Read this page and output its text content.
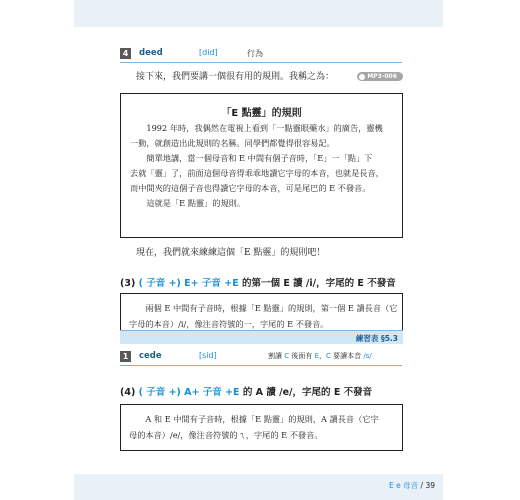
4	deed	[did]	行為
接下來，我們要講一個很有用的規則。我稱之為：	MP3-006
「E 點靈」的規則

1992 年時，我偶然在電視上看到「一點靈眼藥水」的廣告，靈機

一動，就創造出此規則的名稱。同學們都覺得很容易記。

簡單地講，當一個母音和 E 中間有個子音時，「E」一「點」下

去就「靈」了，前面這個母音得乖乖地讀它字母的本音，也就是長音，

而中間夾的這個子音也得讀它字母的本音，可是尾巴的 E 不發音。

這就是「E 點靈」的規則。

現在，我們就來練練這個「E 點靈」的規則吧！
(3) ( 子音 +) E+ 子音 +E 的第一個 E 讀 /i/，字尾的 E 不發音

兩個 E 中間有子音時，根據「E 點靈」的規則，第一個 E 讀長音（它

字母的本音）/i/，像注音符號的一，字尾的 E 不發音。

練習表 §5.3
1	cede	[sid]	割讓 C 後面有 E，C 要讀本音 /s/
(4) ( 子音 +) A+ 子音 +E 的 A 讀 /e/，字尾的 E 不發音

A 和 E 中間有子音時，根據「E 點靈」的規則，A 讀長音（它字

母的本音）/e/，像注音符號的ㄟ，字尾的 E 不發音。

E e 母音 / 39
